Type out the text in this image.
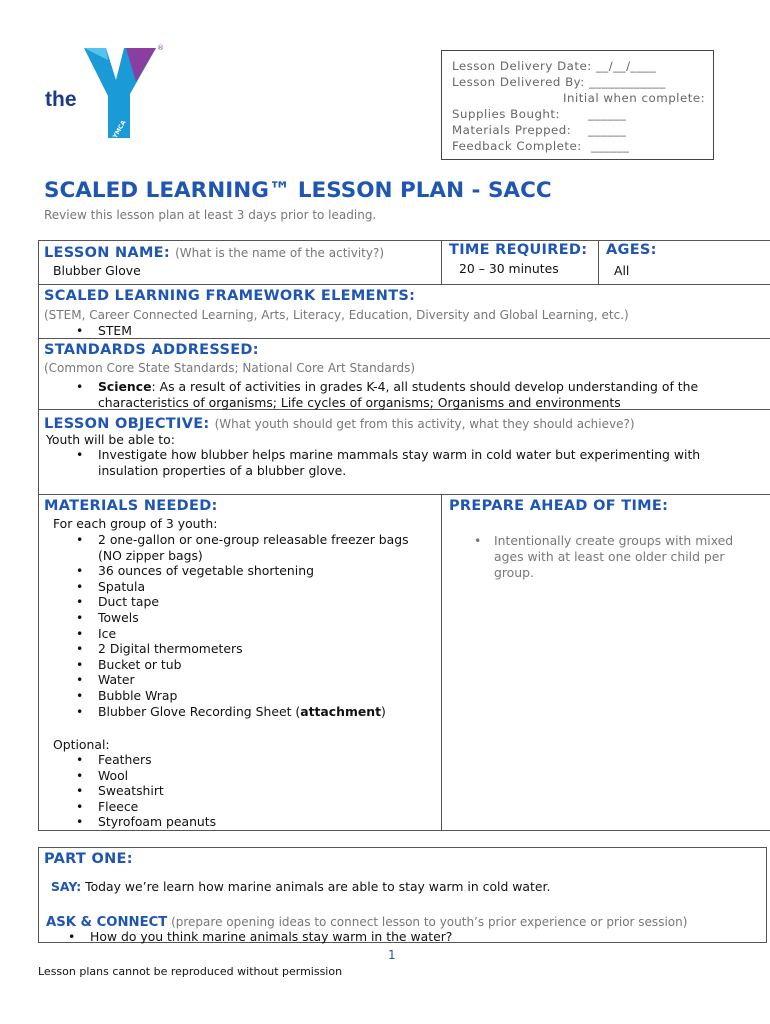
the
YMCA
®
Lesson Delivery Date: __/__/____
Lesson Delivered By: ____________
Initial when complete:
Supplies Bought: ______
Materials Prepped: ______
Feedback Complete: ______
SCALED LEARNING™ LESSON PLAN - SACC
Review this lesson plan at least 3 days prior to leading.
LESSON NAME: (What is the name of the activity?)
Blubber Glove
TIME REQUIRED:
20 – 30 minutes
AGES:
All
SCALED LEARNING FRAMEWORK ELEMENTS:
(STEM, Career Connected Learning, Arts, Literacy, Education, Diversity and Global Learning, etc.)
• STEM
STANDARDS ADDRESSED:
(Common Core State Standards; National Core Art Standards)
• Science: As a result of activities in grades K-4, all students should develop understanding of the
characteristics of organisms; Life cycles of organisms; Organisms and environments
LESSON OBJECTIVE: (What youth should get from this activity, what they should achieve?)
Youth will be able to:
• Investigate how blubber helps marine mammals stay warm in cold water but experimenting with
insulation properties of a blubber glove.
MATERIALS NEEDED:
For each group of 3 youth:
• 2 one-gallon or one-group releasable freezer bags
(NO zipper bags)
• 36 ounces of vegetable shortening
• Spatula
• Duct tape
• Towels
• Ice
• 2 Digital thermometers
• Bucket or tub
• Water
• Bubble Wrap
• Blubber Glove Recording Sheet (attachment)
Optional:
• Feathers
• Wool
• Sweatshirt
• Fleece
• Styrofoam peanuts
PREPARE AHEAD OF TIME:
•	Intentionally create groups with mixed
ages with at least one older child per
group.
PART ONE:
SAY: Today we’re learn how marine animals are able to stay warm in cold water.
ASK & CONNECT (prepare opening ideas to connect lesson to youth’s prior experience or prior session)
• How do you think marine animals stay warm in the water?
1
Lesson plans cannot be reproduced without permission
